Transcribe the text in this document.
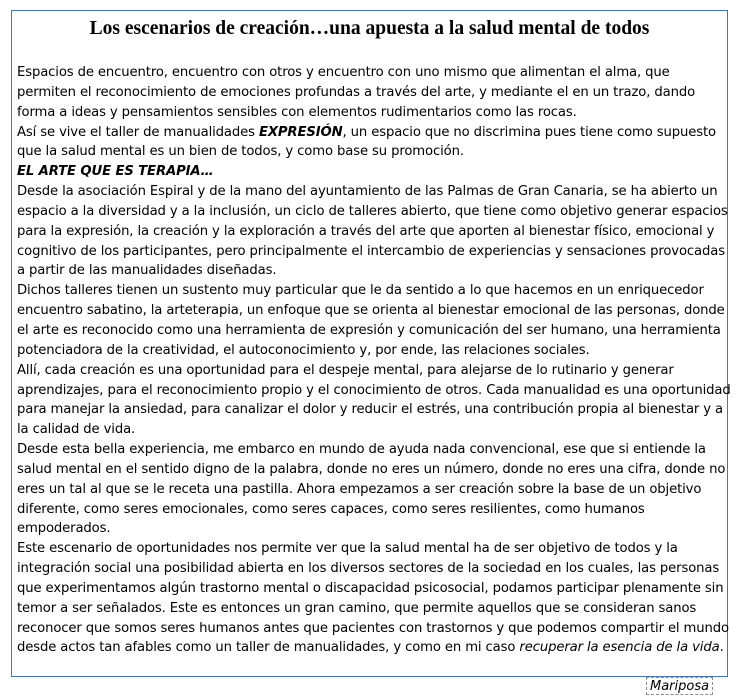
Los escenarios de creación…una apuesta a la salud mental de todos

Espacios de encuentro, encuentro con otros y encuentro con uno mismo que alimentan el alma, que permiten el reconocimiento de emociones profundas a través del arte, y mediante el en un trazo, dando forma a ideas y pensamientos sensibles con elementos rudimentarios como las rocas.

Así se vive el taller de manualidades EXPRESIÓN, un espacio que no discrimina pues tiene como supuesto que la salud mental es un bien de todos, y como base su promoción.

EL ARTE QUE ES TERAPIA…

Desde la asociación Espiral y de la mano del ayuntamiento de las Palmas de Gran Canaria, se ha abierto un espacio a la diversidad y a la inclusión, un ciclo de talleres abierto, que tiene como objetivo generar espacios para la expresión, la creación y la exploración a través del arte que aporten al bienestar físico, emocional y cognitivo de los participantes, pero principalmente el intercambio de experiencias y sensaciones provocadas a partir de las manualidades diseñadas.

Dichos talleres tienen un sustento muy particular que le da sentido a lo que hacemos en un enriquecedor encuentro sabatino, la arteterapia, un enfoque que se orienta al bienestar emocional de las personas, donde el arte es reconocido como una herramienta de expresión y comunicación del ser humano, una herramienta potenciadora de la creatividad, el autoconocimiento y, por ende, las relaciones sociales.

Allí, cada creación es una oportunidad para el despeje mental, para alejarse de lo rutinario y generar aprendizajes, para el reconocimiento propio y el conocimiento de otros. Cada manualidad es una oportunidad para manejar la ansiedad, para canalizar el dolor y reducir el estrés, una contribución propia al bienestar y a la calidad de vida.

Desde esta bella experiencia, me embarco en mundo de ayuda nada convencional, ese que si entiende la salud mental en el sentido digno de la palabra, donde no eres un número, donde no eres una cifra, donde no eres un tal al que se le receta una pastilla. Ahora empezamos a ser creación sobre la base de un objetivo diferente, como seres emocionales, como seres capaces, como seres resilientes, como humanos empoderados.

Este escenario de oportunidades nos permite ver que la salud mental ha de ser objetivo de todos y la integración social una posibilidad abierta en los diversos sectores de la sociedad en los cuales, las personas que experimentamos algún trastorno mental o discapacidad psicosocial, podamos participar plenamente sin temor a ser señalados. Este es entonces un gran camino, que permite aquellos que se consideran sanos reconocer que somos seres humanos antes que pacientes con trastornos y que podemos compartir el mundo desde actos tan afables como un taller de manualidades, y como en mi caso recuperar la esencia de la vida.

Mariposa
